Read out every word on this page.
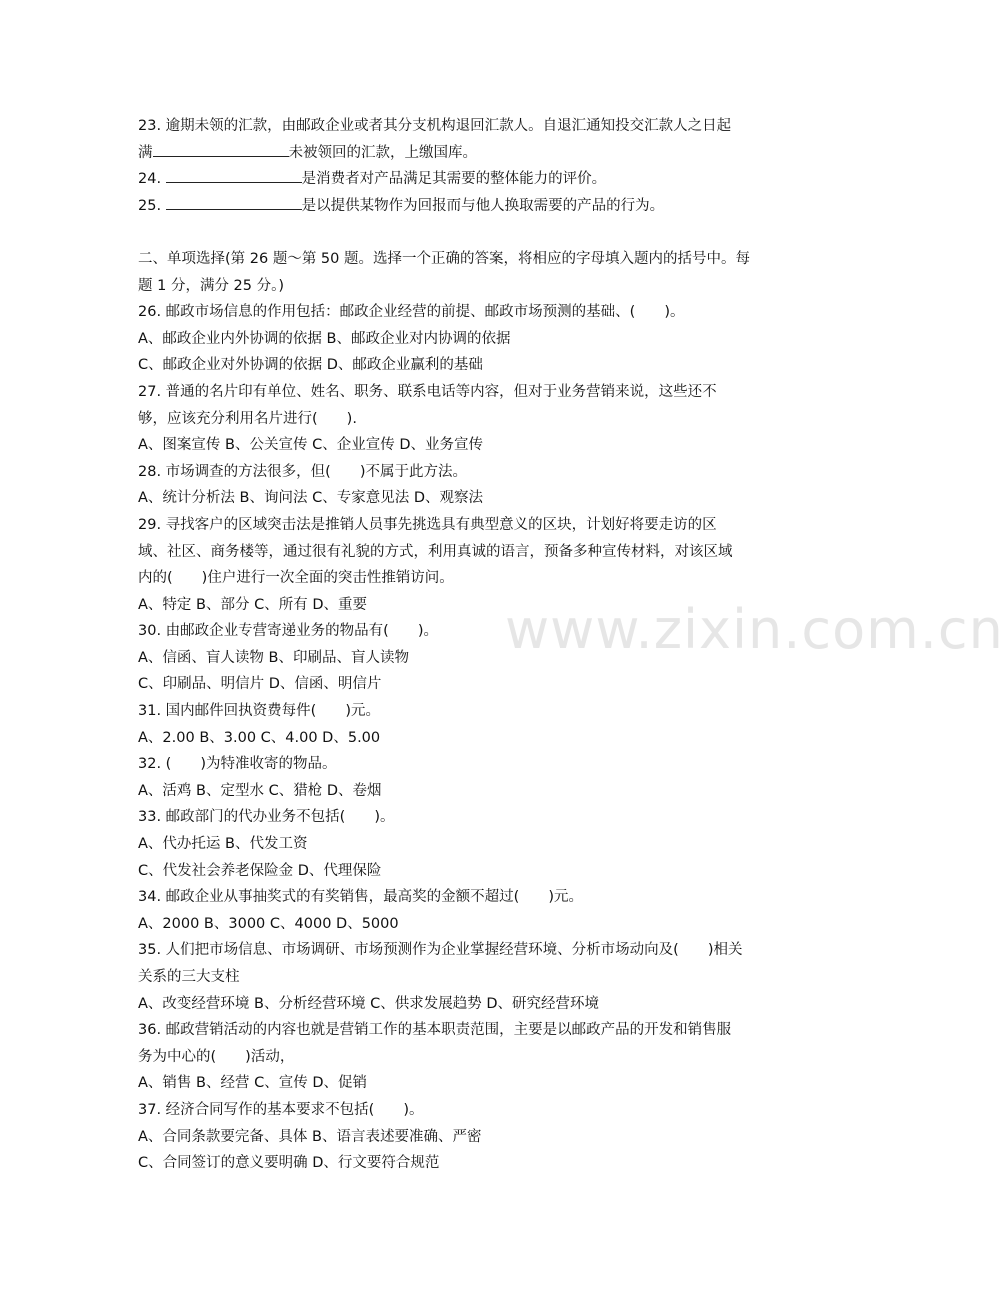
www.zixin.com.cn
23. 逾期未领的汇款，由邮政企业或者其分支机构退回汇款人。自退汇通知投交汇款人之日起
满	未被领回的汇款，上缴国库。
24.	是消费者对产品满足其需要的整体能力的评价。
25.	是以提供某物作为回报而与他人换取需要的产品的行为。
二、单项选择(第 26 题～第 50 题。选择一个正确的答案，将相应的字母填入题内的括号中。每
题 1 分，满分 25 分。)
26. 邮政市场信息的作用包括：邮政企业经营的前提、邮政市场预测的基础、(　　)。
A、邮政企业内外协调的依据 B、邮政企业对内协调的依据
C、邮政企业对外协调的依据 D、邮政企业赢利的基础
27. 普通的名片印有单位、姓名、职务、联系电话等内容，但对于业务营销来说，这些还不
够，应该充分利用名片进行(　　).
A、图案宣传 B、公关宣传 C、企业宣传 D、业务宣传
28. 市场调查的方法很多，但(　　)不属于此方法。
A、统计分析法 B、询问法 C、专家意见法 D、观察法
29. 寻找客户的区域突击法是推销人员事先挑选具有典型意义的区块，计划好将要走访的区
域、社区、商务楼等，通过很有礼貌的方式，利用真诚的语言，预备多种宣传材料，对该区域
内的(　　)住户进行一次全面的突击性推销访问。
A、特定 B、部分 C、所有 D、重要
30. 由邮政企业专营寄递业务的物品有(　　)。
A、信函、盲人读物 B、印刷品、盲人读物
C、印刷品、明信片 D、信函、明信片
31. 国内邮件回执资费每件(　　)元。
A、2.00 B、3.00 C、4.00 D、5.00
32. (　　)为特准收寄的物品。
A、活鸡 B、定型水 C、猎枪 D、卷烟
33. 邮政部门的代办业务不包括(　　)。
A、代办托运 B、代发工资
C、代发社会养老保险金 D、代理保险
34. 邮政企业从事抽奖式的有奖销售，最高奖的金额不超过(　　)元。
A、2000 B、3000 C、4000 D、5000
35. 人们把市场信息、市场调研、市场预测作为企业掌握经营环境、分析市场动向及(　　)相关
关系的三大支柱
A、改变经营环境 B、分析经营环境 C、供求发展趋势 D、研究经营环境
36. 邮政营销活动的内容也就是营销工作的基本职责范围，主要是以邮政产品的开发和销售服
务为中心的(　　)活动，
A、销售 B、经营 C、宣传 D、促销
37. 经济合同写作的基本要求不包括(　　)。
A、合同条款要完备、具体 B、语言表述要准确、严密
C、合同签订的意义要明确 D、行文要符合规范
